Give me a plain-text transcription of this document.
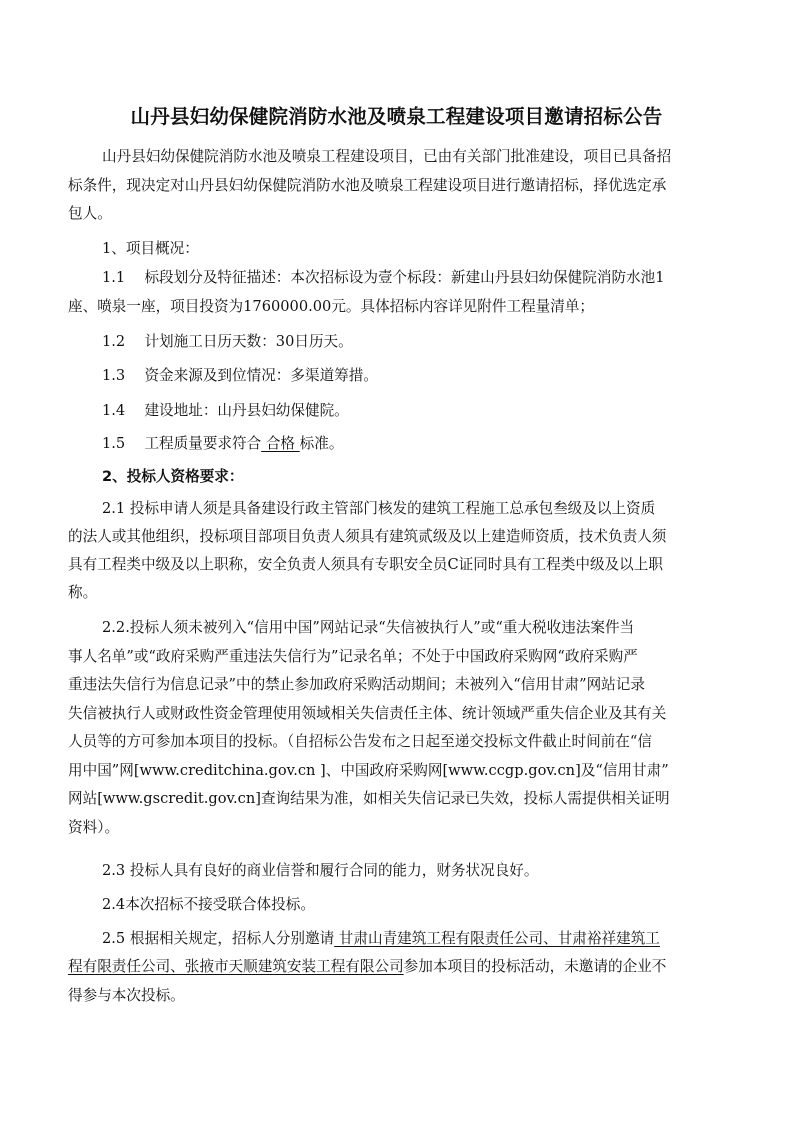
山丹县妇幼保健院消防水池及喷泉工程建设项目邀请招标公告
山丹县妇幼保健院消防水池及喷泉工程建设项目，已由有关部门批准建设，项目已具备招
标条件，现决定对山丹县妇幼保健院消防水池及喷泉工程建设项目进行邀请招标，择优选定承
包人。
1、项目概况：
1.1　 标段划分及特征描述：本次招标设为壹个标段：新建山丹县妇幼保健院消防水池1
座、喷泉一座，项目投资为1760000.00元。具体招标内容详见附件工程量清单；
1.2　 计划施工日历天数：30日历天。
1.3　 资金来源及到位情况：多渠道筹措。
1.4　 建设地址：山丹县妇幼保健院。
1.5　 工程质量要求符合 合格 标准。
2、投标人资格要求：
2.1 投标申请人须是具备建设行政主管部门核发的建筑工程施工总承包叁级及以上资质
的法人或其他组织，投标项目部项目负责人须具有建筑贰级及以上建造师资质，技术负责人须
具有工程类中级及以上职称，安全负责人须具有专职安全员C证同时具有工程类中级及以上职
称。
2.2.投标人须未被列入“信用中国”网站记录“失信被执行人”或“重大税收违法案件当
事人名单”或“政府采购严重违法失信行为”记录名单；不处于中国政府采购网“政府采购严
重违法失信行为信息记录”中的禁止参加政府采购活动期间；未被列入“信用甘肃”网站记录
失信被执行人或财政性资金管理使用领域相关失信责任主体、统计领域严重失信企业及其有关
人员等的方可参加本项目的投标。（自招标公告发布之日起至递交投标文件截止时间前在“信
用中国”网[www.creditchina.gov.cn ]、中国政府采购网[www.ccgp.gov.cn]及“信用甘肃”
网站[www.gscredit.gov.cn]查询结果为准，如相关失信记录已失效，投标人需提供相关证明
资料）。
2.3 投标人具有良好的商业信誉和履行合同的能力，财务状况良好。
2.4本次招标不接受联合体投标。
2.5 根据相关规定，招标人分别邀请 甘肃山青建筑工程有限责任公司、甘肃裕祥建筑工
程有限责任公司、张掖市天顺建筑安装工程有限公司参加本项目的投标活动，未邀请的企业不
得参与本次投标。
